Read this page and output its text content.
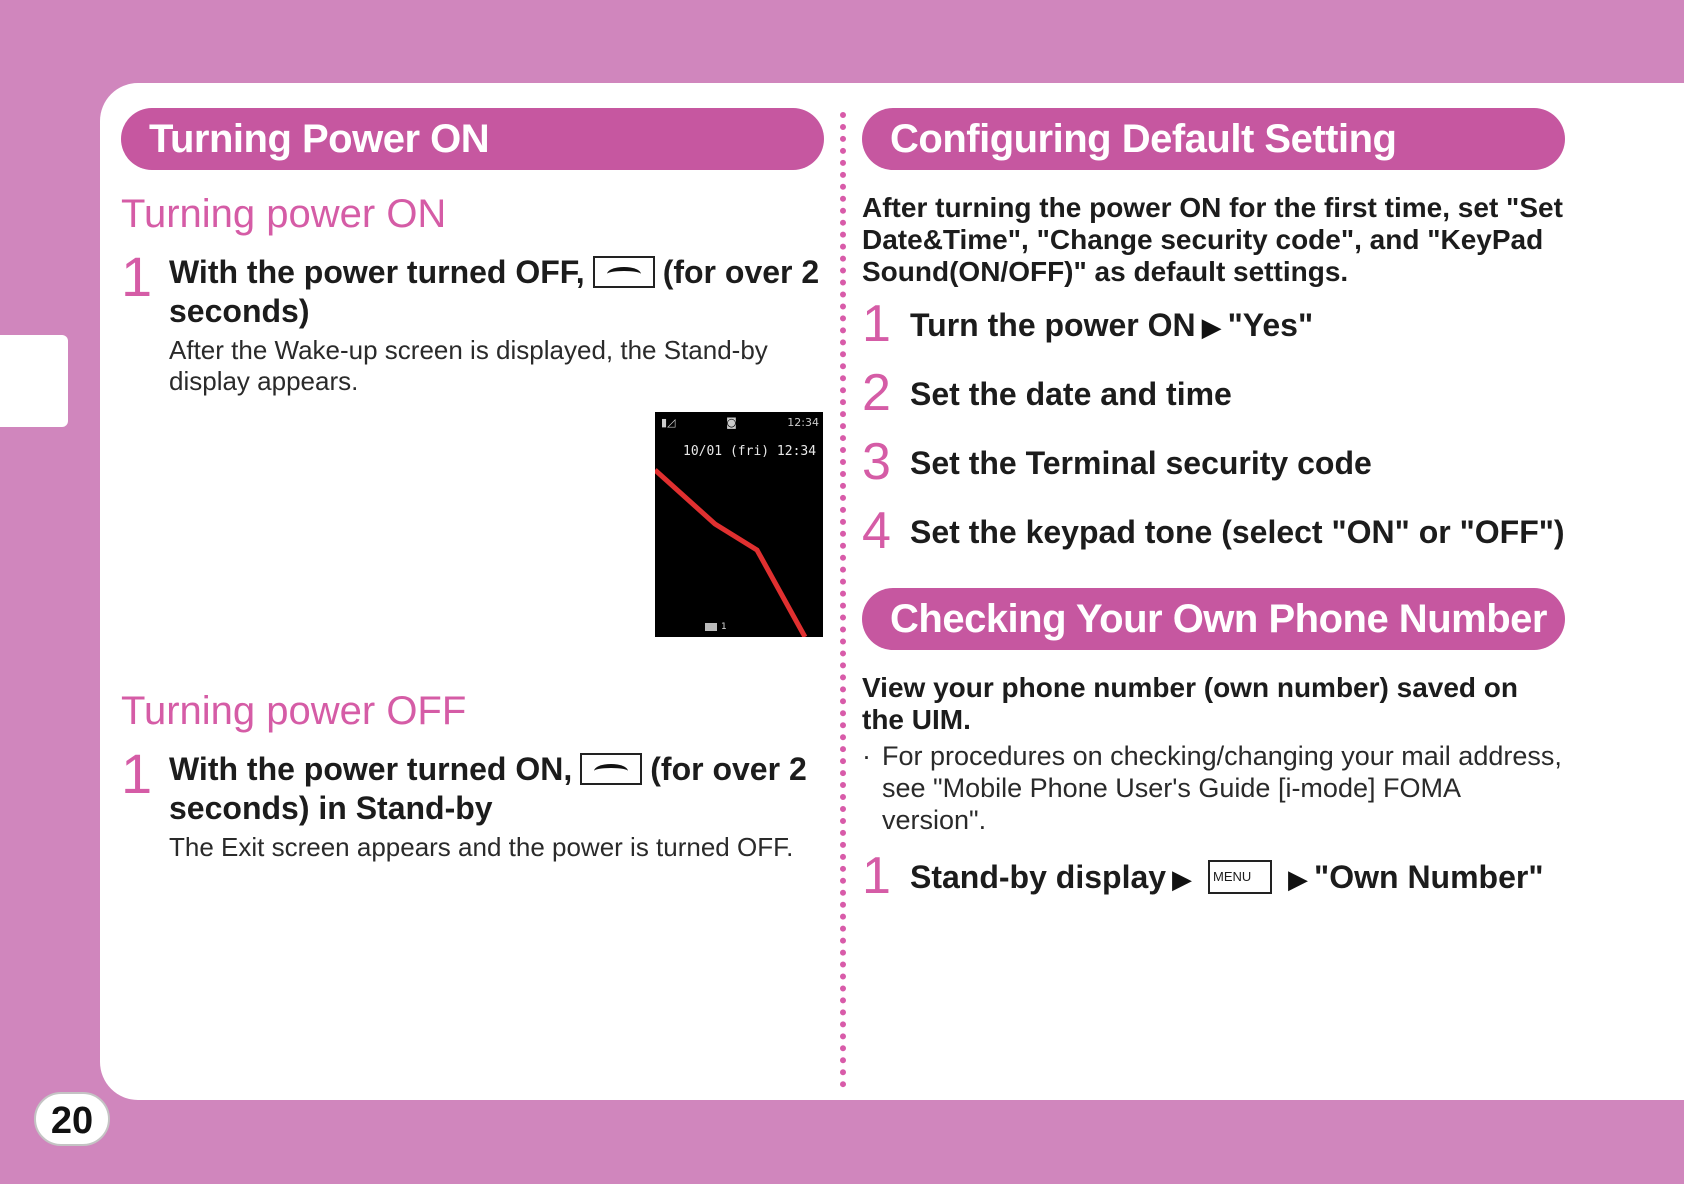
20
Turning Power ON
Turning power ON
1 With the power turned OFF, (for over 2 seconds)
After the Wake-up screen is displayed, the Stand-by display appears.
Turning power OFF
1 With the power turned ON, (for over 2 seconds) in Stand-by
The Exit screen appears and the power is turned OFF.
▮◿	◙	12:34
10/01 (fri) 12:34
1
Configuring Default Setting
After turning the power ON for the first time, set "Set Date&Time", "Change security code", and "KeyPad Sound(ON/OFF)" as default settings.
1 Turn the power ON ▶ "Yes"
2 Set the date and time
3 Set the Terminal security code
4 Set the keypad tone (select "ON" or "OFF")
Checking Your Own Phone Number
View your phone number (own number) saved on the UIM.
· For procedures on checking/changing your mail address, see "Mobile Phone User's Guide [i-mode] FOMA version".
1 Stand-by display ▶ MENU ▶ "Own Number"
